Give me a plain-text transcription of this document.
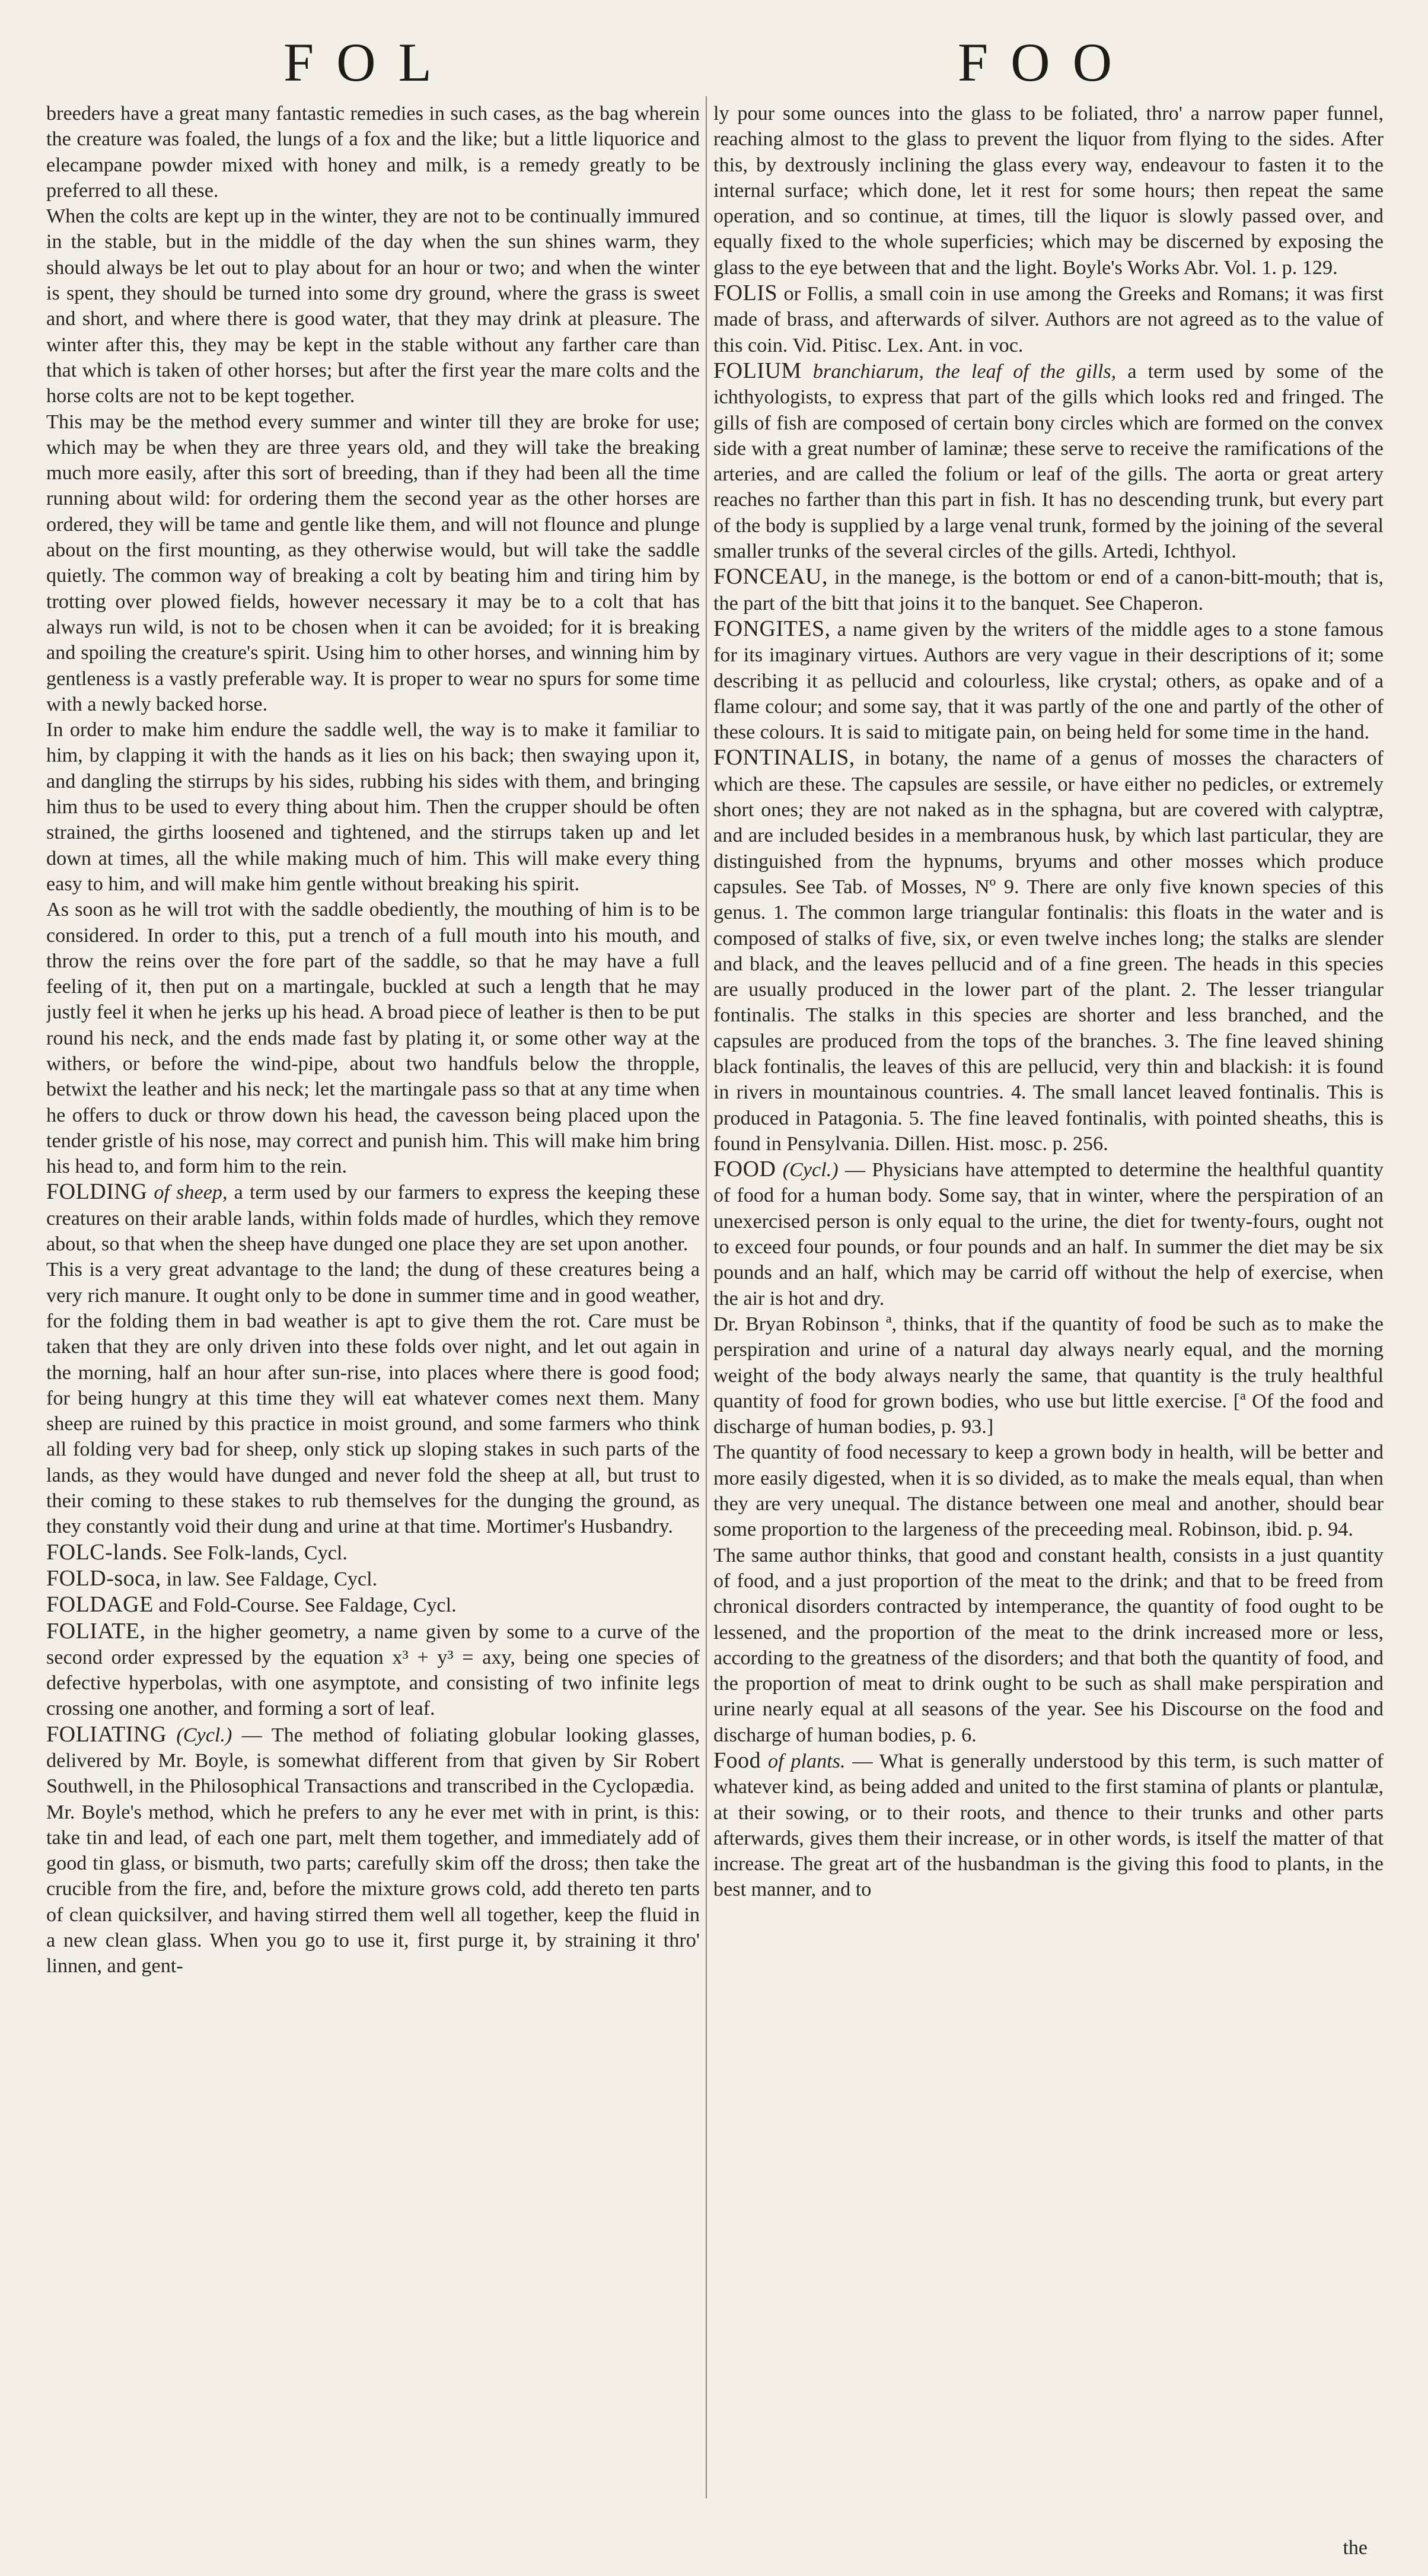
FOL	FOO

breeders have a great many fantastic remedies in such cases, as the bag wherein the creature was foaled, the lungs of a fox and the like; but a little liquorice and elecampane powder mixed with honey and milk, is a remedy greatly to be preferred to all these.

When the colts are kept up in the winter, they are not to be continually immured in the stable, but in the middle of the day when the sun shines warm, they should always be let out to play about for an hour or two; and when the winter is spent, they should be turned into some dry ground, where the grass is sweet and short, and where there is good water, that they may drink at pleasure. The winter after this, they may be kept in the stable without any farther care than that which is taken of other horses; but after the first year the mare colts and the horse colts are not to be kept together.

This may be the method every summer and winter till they are broke for use; which may be when they are three years old, and they will take the breaking much more easily, after this sort of breeding, than if they had been all the time running about wild: for ordering them the second year as the other horses are ordered, they will be tame and gentle like them, and will not flounce and plunge about on the first mounting, as they otherwise would, but will take the saddle quietly. The common way of breaking a colt by beating him and tiring him by trotting over plowed fields, however necessary it may be to a colt that has always run wild, is not to be chosen when it can be avoided; for it is breaking and spoiling the creature's spirit. Using him to other horses, and winning him by gentleness is a vastly preferable way. It is proper to wear no spurs for some time with a newly backed horse.

In order to make him endure the saddle well, the way is to make it familiar to him, by clapping it with the hands as it lies on his back; then swaying upon it, and dangling the stirrups by his sides, rubbing his sides with them, and bringing him thus to be used to every thing about him. Then the crupper should be often strained, the girths loosened and tightened, and the stirrups taken up and let down at times, all the while making much of him. This will make every thing easy to him, and will make him gentle without breaking his spirit.

As soon as he will trot with the saddle obediently, the mouthing of him is to be considered. In order to this, put a trench of a full mouth into his mouth, and throw the reins over the fore part of the saddle, so that he may have a full feeling of it, then put on a martingale, buckled at such a length that he may justly feel it when he jerks up his head. A broad piece of leather is then to be put round his neck, and the ends made fast by plating it, or some other way at the withers, or before the wind-pipe, about two handfuls below the thropple, betwixt the leather and his neck; let the martingale pass so that at any time when he offers to duck or throw down his head, the cavesson being placed upon the tender gristle of his nose, may correct and punish him. This will make him bring his head to, and form him to the rein.

FOLDING of sheep, a term used by our farmers to express the keeping these creatures on their arable lands, within folds made of hurdles, which they remove about, so that when the sheep have dunged one place they are set upon another.

This is a very great advantage to the land; the dung of these creatures being a very rich manure. It ought only to be done in summer time and in good weather, for the folding them in bad weather is apt to give them the rot. Care must be taken that they are only driven into these folds over night, and let out again in the morning, half an hour after sun-rise, into places where there is good food; for being hungry at this time they will eat whatever comes next them. Many sheep are ruined by this practice in moist ground, and some farmers who think all folding very bad for sheep, only stick up sloping stakes in such parts of the lands, as they would have dunged and never fold the sheep at all, but trust to their coming to these stakes to rub themselves for the dunging the ground, as they constantly void their dung and urine at that time. Mortimer's Husbandry.

FOLC-lands. See Folk-lands, Cycl.

FOLD-soca, in law. See Faldage, Cycl.

FOLDAGE and Fold-Course. See Faldage, Cycl.

FOLIATE, in the higher geometry, a name given by some to a curve of the second order expressed by the equation x³ + y³ = axy, being one species of defective hyperbolas, with one asymptote, and consisting of two infinite legs crossing one another, and forming a sort of leaf.

FOLIATING (Cycl.) — The method of foliating globular looking glasses, delivered by Mr. Boyle, is somewhat different from that given by Sir Robert Southwell, in the Philosophical Transactions and transcribed in the Cyclopædia.

Mr. Boyle's method, which he prefers to any he ever met with in print, is this: take tin and lead, of each one part, melt them together, and immediately add of good tin glass, or bismuth, two parts; carefully skim off the dross; then take the crucible from the fire, and, before the mixture grows cold, add thereto ten parts of clean quicksilver, and having stirred them well all together, keep the fluid in a new clean glass. When you go to use it, first purge it, by straining it thro' linnen, and gent-

ly pour some ounces into the glass to be foliated, thro' a narrow paper funnel, reaching almost to the glass to prevent the liquor from flying to the sides. After this, by dextrously inclining the glass every way, endeavour to fasten it to the internal surface; which done, let it rest for some hours; then repeat the same operation, and so continue, at times, till the liquor is slowly passed over, and equally fixed to the whole superficies; which may be discerned by exposing the glass to the eye between that and the light. Boyle's Works Abr. Vol. 1. p. 129.

FOLIS or Follis, a small coin in use among the Greeks and Romans; it was first made of brass, and afterwards of silver. Authors are not agreed as to the value of this coin. Vid. Pitisc. Lex. Ant. in voc.

FOLIUM branchiarum, the leaf of the gills, a term used by some of the ichthyologists, to express that part of the gills which looks red and fringed. The gills of fish are composed of certain bony circles which are formed on the convex side with a great number of laminæ; these serve to receive the ramifications of the arteries, and are called the folium or leaf of the gills. The aorta or great artery reaches no farther than this part in fish. It has no descending trunk, but every part of the body is supplied by a large venal trunk, formed by the joining of the several smaller trunks of the several circles of the gills. Artedi, Ichthyol.

FONCEAU, in the manege, is the bottom or end of a canon-bitt-mouth; that is, the part of the bitt that joins it to the banquet. See Chaperon.

FONGITES, a name given by the writers of the middle ages to a stone famous for its imaginary virtues. Authors are very vague in their descriptions of it; some describing it as pellucid and colourless, like crystal; others, as opake and of a flame colour; and some say, that it was partly of the one and partly of the other of these colours. It is said to mitigate pain, on being held for some time in the hand.

FONTINALIS, in botany, the name of a genus of mosses the characters of which are these. The capsules are sessile, or have either no pedicles, or extremely short ones; they are not naked as in the sphagna, but are covered with calyptræ, and are included besides in a membranous husk, by which last particular, they are distinguished from the hypnums, bryums and other mosses which produce capsules. See Tab. of Mosses, Nº 9. There are only five known species of this genus. 1. The common large triangular fontinalis: this floats in the water and is composed of stalks of five, six, or even twelve inches long; the stalks are slender and black, and the leaves pellucid and of a fine green. The heads in this species are usually produced in the lower part of the plant. 2. The lesser triangular fontinalis. The stalks in this species are shorter and less branched, and the capsules are produced from the tops of the branches. 3. The fine leaved shining black fontinalis, the leaves of this are pellucid, very thin and blackish: it is found in rivers in mountainous countries. 4. The small lancet leaved fontinalis. This is produced in Patagonia. 5. The fine leaved fontinalis, with pointed sheaths, this is found in Pensylvania. Dillen. Hist. mosc. p. 256.

FOOD (Cycl.) — Physicians have attempted to determine the healthful quantity of food for a human body. Some say, that in winter, where the perspiration of an unexercised person is only equal to the urine, the diet for twenty-fours, ought not to exceed four pounds, or four pounds and an half. In summer the diet may be six pounds and an half, which may be carrid off without the help of exercise, when the air is hot and dry.

Dr. Bryan Robinson ª, thinks, that if the quantity of food be such as to make the perspiration and urine of a natural day always nearly equal, and the morning weight of the body always nearly the same, that quantity is the truly healthful quantity of food for grown bodies, who use but little exercise. [ª Of the food and discharge of human bodies, p. 93.]

The quantity of food necessary to keep a grown body in health, will be better and more easily digested, when it is so divided, as to make the meals equal, than when they are very unequal. The distance between one meal and another, should bear some proportion to the largeness of the preceeding meal. Robinson, ibid. p. 94.

The same author thinks, that good and constant health, consists in a just quantity of food, and a just proportion of the meat to the drink; and that to be freed from chronical disorders contracted by intemperance, the quantity of food ought to be lessened, and the proportion of the meat to the drink increased more or less, according to the greatness of the disorders; and that both the quantity of food, and the proportion of meat to drink ought to be such as shall make perspiration and urine nearly equal at all seasons of the year. See his Discourse on the food and discharge of human bodies, p. 6.

Food of plants. — What is generally understood by this term, is such matter of whatever kind, as being added and united to the first stamina of plants or plantulæ, at their sowing, or to their roots, and thence to their trunks and other parts afterwards, gives them their increase, or in other words, is itself the matter of that increase. The great art of the husbandman is the giving this food to plants, in the best manner, and to

the
